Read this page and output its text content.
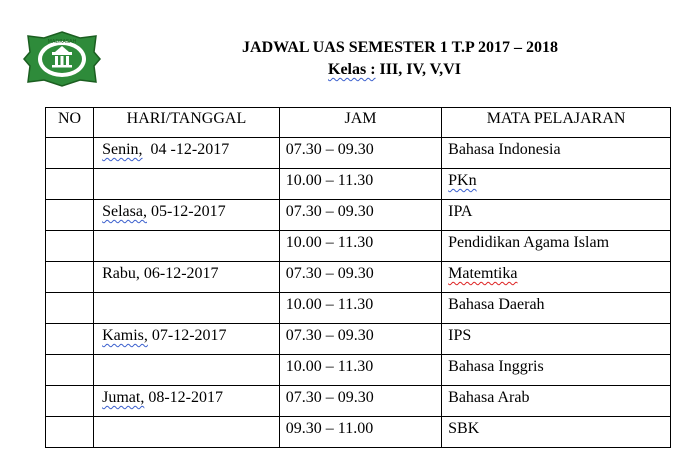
MADRASAH	JADWAL UAS SEMESTER 1 T.P 2017 – 2018
Kelas : III, IV, V,VI
NO	HARI/TANGGAL	JAM	MATA PELAJARAN
	Senin,  04 -12-2017	07.30 – 09.30	Bahasa Indonesia
		10.00 – 11.30	PKn
	Selasa, 05-12-2017	07.30 – 09.30	IPA
		10.00 – 11.30	Pendidikan Agama Islam
	Rabu, 06-12-2017	07.30 – 09.30	Matemtika
		10.00 – 11.30	Bahasa Daerah
	Kamis, 07-12-2017	07.30 – 09.30	IPS
		10.00 – 11.30	Bahasa Inggris
	Jumat, 08-12-2017	07.30 – 09.30	Bahasa Arab
		09.30 – 11.00	SBK
